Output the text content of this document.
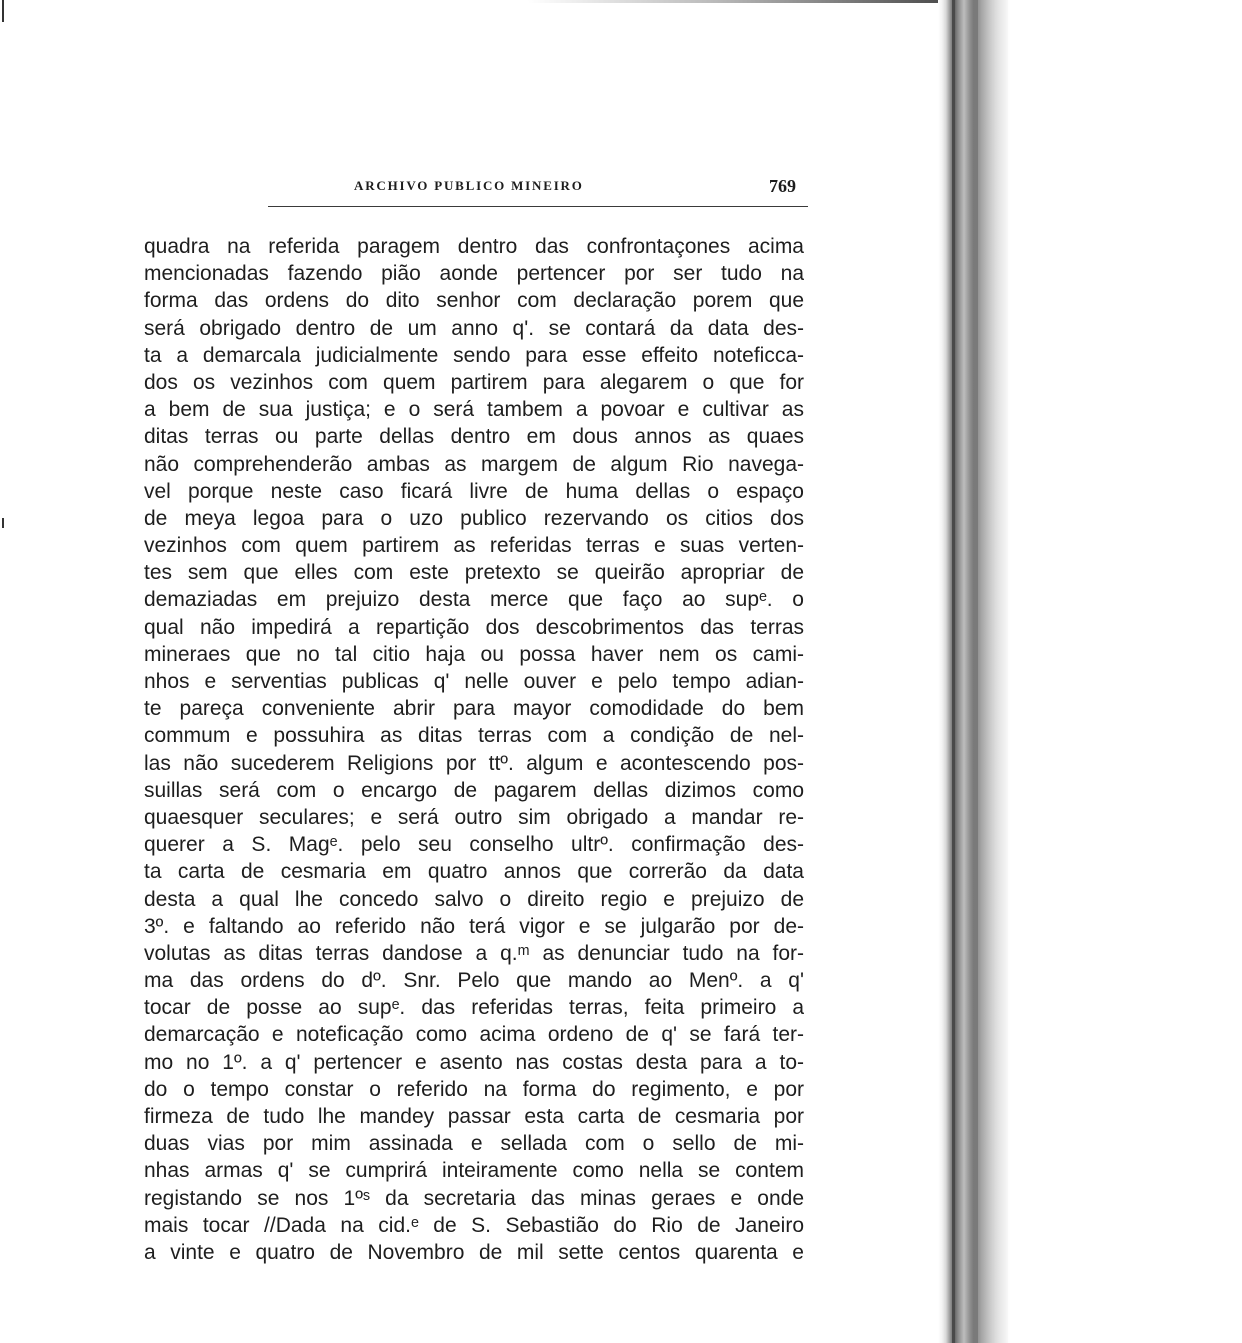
ARCHIVO PUBLICO MINEIRO	769
quadra na referida paragem dentro das confrontaçones acima
mencionadas fazendo pião aonde pertencer por ser tudo na
forma das ordens do dito senhor com declaração porem que
será obrigado dentro de um anno q'. se contará da data des-
ta a demarcala judicialmente sendo para esse effeito noteficca-
dos os vezinhos com quem partirem para alegarem o que for
a bem de sua justiça; e o será tambem a povoar e cultivar as
ditas terras ou parte dellas dentro em dous annos as quaes
não comprehenderão ambas as margem de algum Rio navega-
vel porque neste caso ficará livre de huma dellas o espaço
de meya legoa para o uzo publico rezervando os citios dos
vezinhos com quem partirem as referidas terras e suas verten-
tes sem que elles com este pretexto se queirão apropriar de
demaziadas em prejuizo desta merce que faço ao supᵉ. o
qual não impedirá a repartição dos descobrimentos das terras
mineraes que no tal citio haja ou possa haver nem os cami-
nhos e serventias publicas q' nelle ouver e pelo tempo adian-
te pareça conveniente abrir para mayor comodidade do bem
commum e possuhira as ditas terras com a condição de nel-
las não sucederem Religions por ttº. algum e acontescendo pos-
suillas será com o encargo de pagarem dellas dizimos como
quaesquer seculares; e será outro sim obrigado a mandar re-
querer a S. Magᵉ. pelo seu conselho ultrº. confirmação des-
ta carta de cesmaria em quatro annos que correrão da data
desta a qual lhe concedo salvo o direito regio e prejuizo de
3º. e faltando ao referido não terá vigor e se julgarão por de-
volutas as ditas terras dandose a q.ᵐ as denunciar tudo na for-
ma das ordens do dº. Snr. Pelo que mando ao Menº. a q'
tocar de posse ao supᵉ. das referidas terras, feita primeiro a
demarcação e noteficação como acima ordeno de q' se fará ter-
mo no 1º. a q' pertencer e asento nas costas desta para a to-
do o tempo constar o referido na forma do regimento, e por
firmeza de tudo lhe mandey passar esta carta de cesmaria por
duas vias por mim assinada e sellada com o sello de mi-
nhas armas q' se cumprirá inteiramente como nella se contem
registando se nos 1ºˢ da secretaria das minas geraes e onde
mais tocar //Dada na cid.ᵉ de S. Sebastião do Rio de Janeiro
a vinte e quatro de Novembro de mil sette centos quarenta e
